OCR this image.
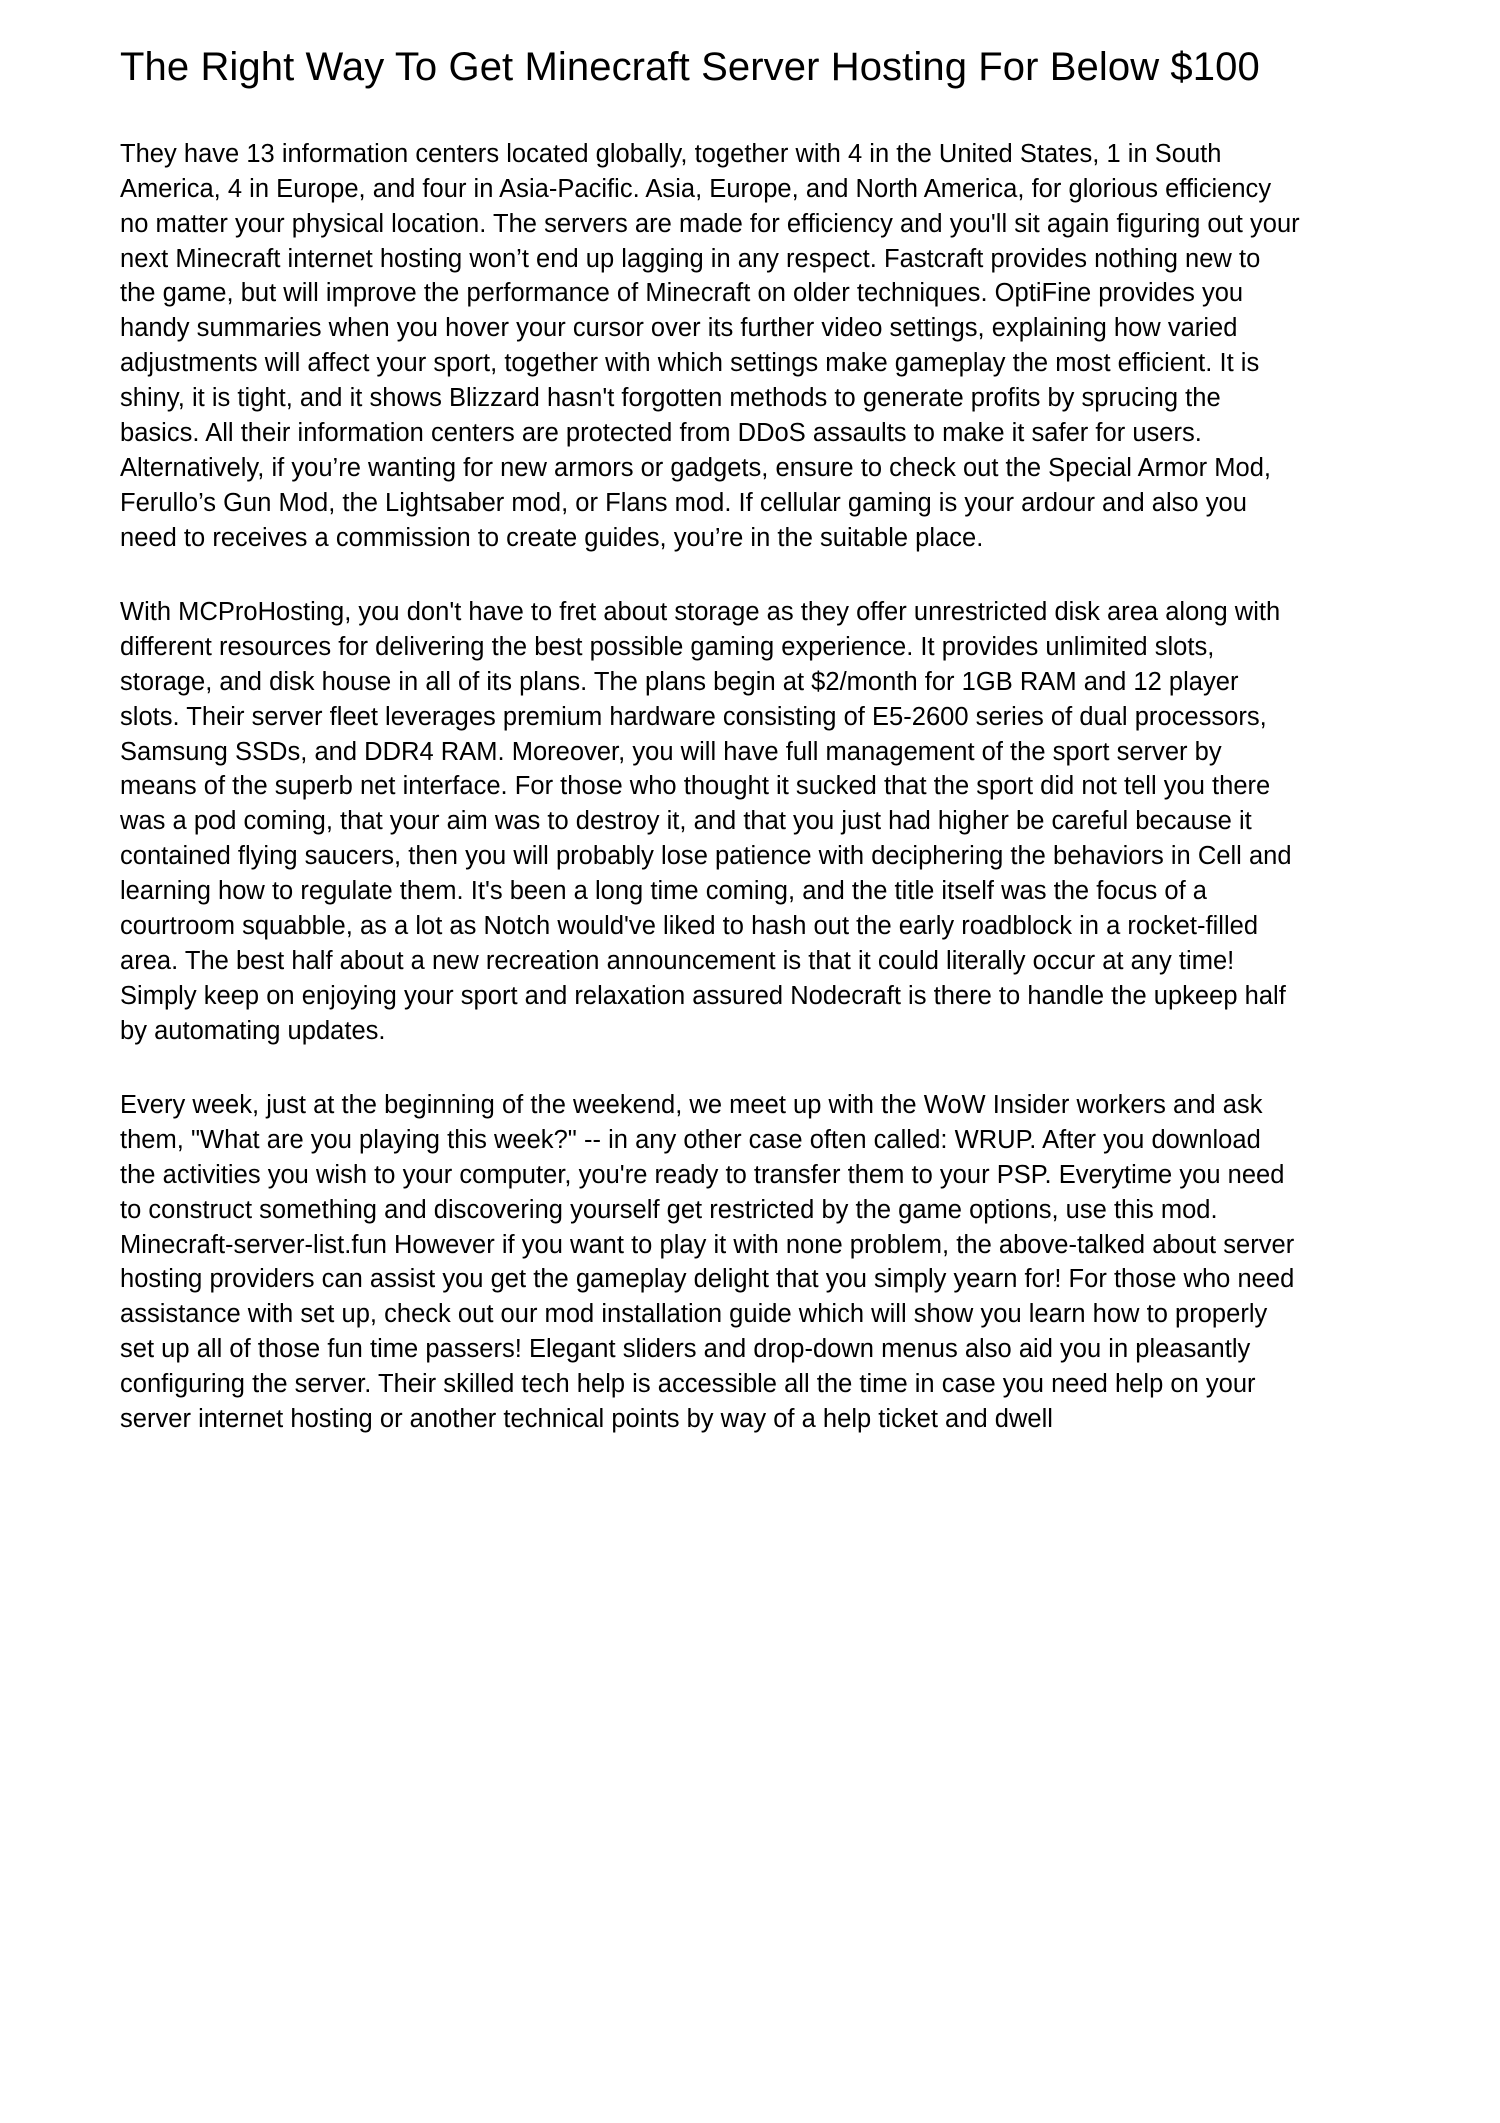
The Right Way To Get Minecraft Server Hosting For Below $100

They have 13 information centers located globally, together with 4 in the United States, 1 in South America, 4 in Europe, and four in Asia-Pacific. Asia, Europe, and North America, for glorious efficiency no matter your physical location. The servers are made for efficiency and you'll sit again figuring out your next Minecraft internet hosting won’t end up lagging in any respect. Fastcraft provides nothing new to the game, but will improve the performance of Minecraft on older techniques. OptiFine provides you handy summaries when you hover your cursor over its further video settings, explaining how varied adjustments will affect your sport, together with which settings make gameplay the most efficient. It is shiny, it is tight, and it shows Blizzard hasn't forgotten methods to generate profits by sprucing the basics. All their information centers are protected from DDoS assaults to make it safer for users. Alternatively, if you’re wanting for new armors or gadgets, ensure to check out the Special Armor Mod, Ferullo’s Gun Mod, the Lightsaber mod, or Flans mod. If cellular gaming is your ardour and also you need to receives a commission to create guides, you’re in the suitable place.

With MCProHosting, you don't have to fret about storage as they offer unrestricted disk area along with different resources for delivering the best possible gaming experience. It provides unlimited slots, storage, and disk house in all of its plans. The plans begin at $2/month for 1GB RAM and 12 player slots. Their server fleet leverages premium hardware consisting of E5-2600 series of dual processors, Samsung SSDs, and DDR4 RAM. Moreover, you will have full management of the sport server by means of the superb net interface. For those who thought it sucked that the sport did not tell you there was a pod coming, that your aim was to destroy it, and that you just had higher be careful because it contained flying saucers, then you will probably lose patience with deciphering the behaviors in Cell and learning how to regulate them. It's been a long time coming, and the title itself was the focus of a courtroom squabble, as a lot as Notch would've liked to hash out the early roadblock in a rocket-filled area. The best half about a new recreation announcement is that it could literally occur at any time! Simply keep on enjoying your sport and relaxation assured Nodecraft is there to handle the upkeep half by automating updates.

Every week, just at the beginning of the weekend, we meet up with the WoW Insider workers and ask them, "What are you playing this week?" -- in any other case often called: WRUP. After you download the activities you wish to your computer, you're ready to transfer them to your PSP. Everytime you need to construct something and discovering yourself get restricted by the game options, use this mod. Minecraft-server-list.fun However if you want to play it with none problem, the above-talked about server hosting providers can assist you get the gameplay delight that you simply yearn for! For those who need assistance with set up, check out our mod installation guide which will show you learn how to properly set up all of those fun time passers! Elegant sliders and drop-down menus also aid you in pleasantly configuring the server. Their skilled tech help is accessible all the time in case you need help on your server internet hosting or another technical points by way of a help ticket and dwell
